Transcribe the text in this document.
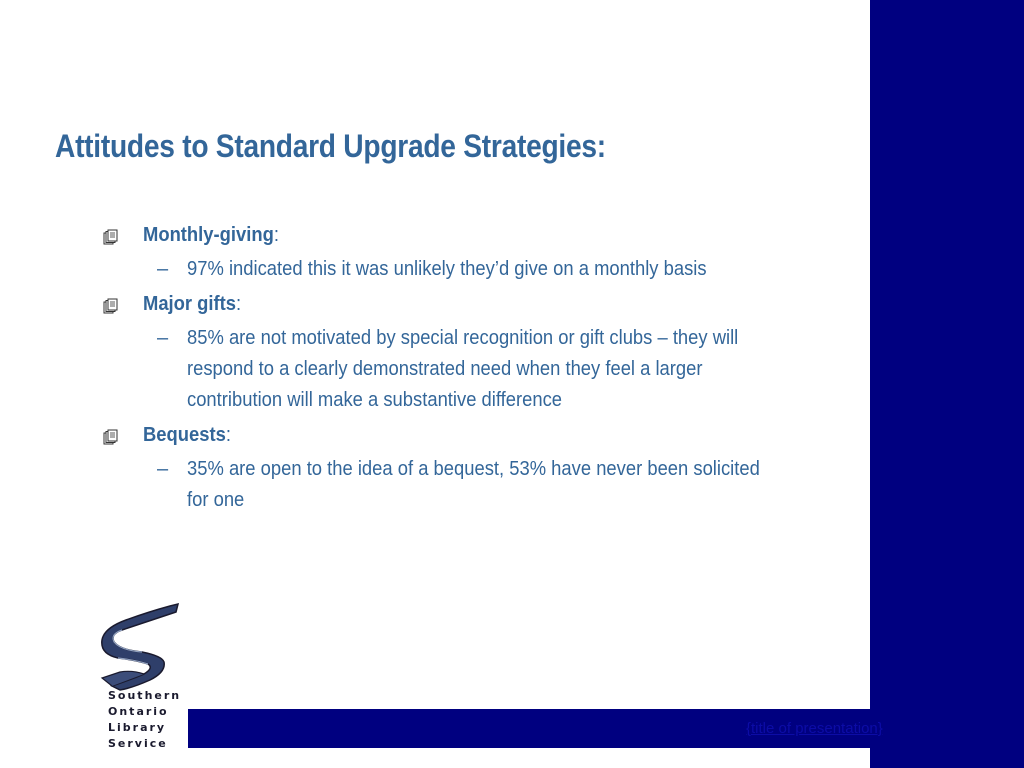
{title of presentation}
Attitudes to Standard Upgrade Strategies:
Monthly-giving:
– 97% indicated this it was unlikely they’d give on a monthly basis
Major gifts:
– 85% are not motivated by special recognition or gift clubs – they will respond to a clearly demonstrated need when they feel a larger contribution will make a substantive difference
Bequests:
– 35% are open to the idea of a bequest, 53% have never been solicited for one
Southern
Ontario
Library
Service
